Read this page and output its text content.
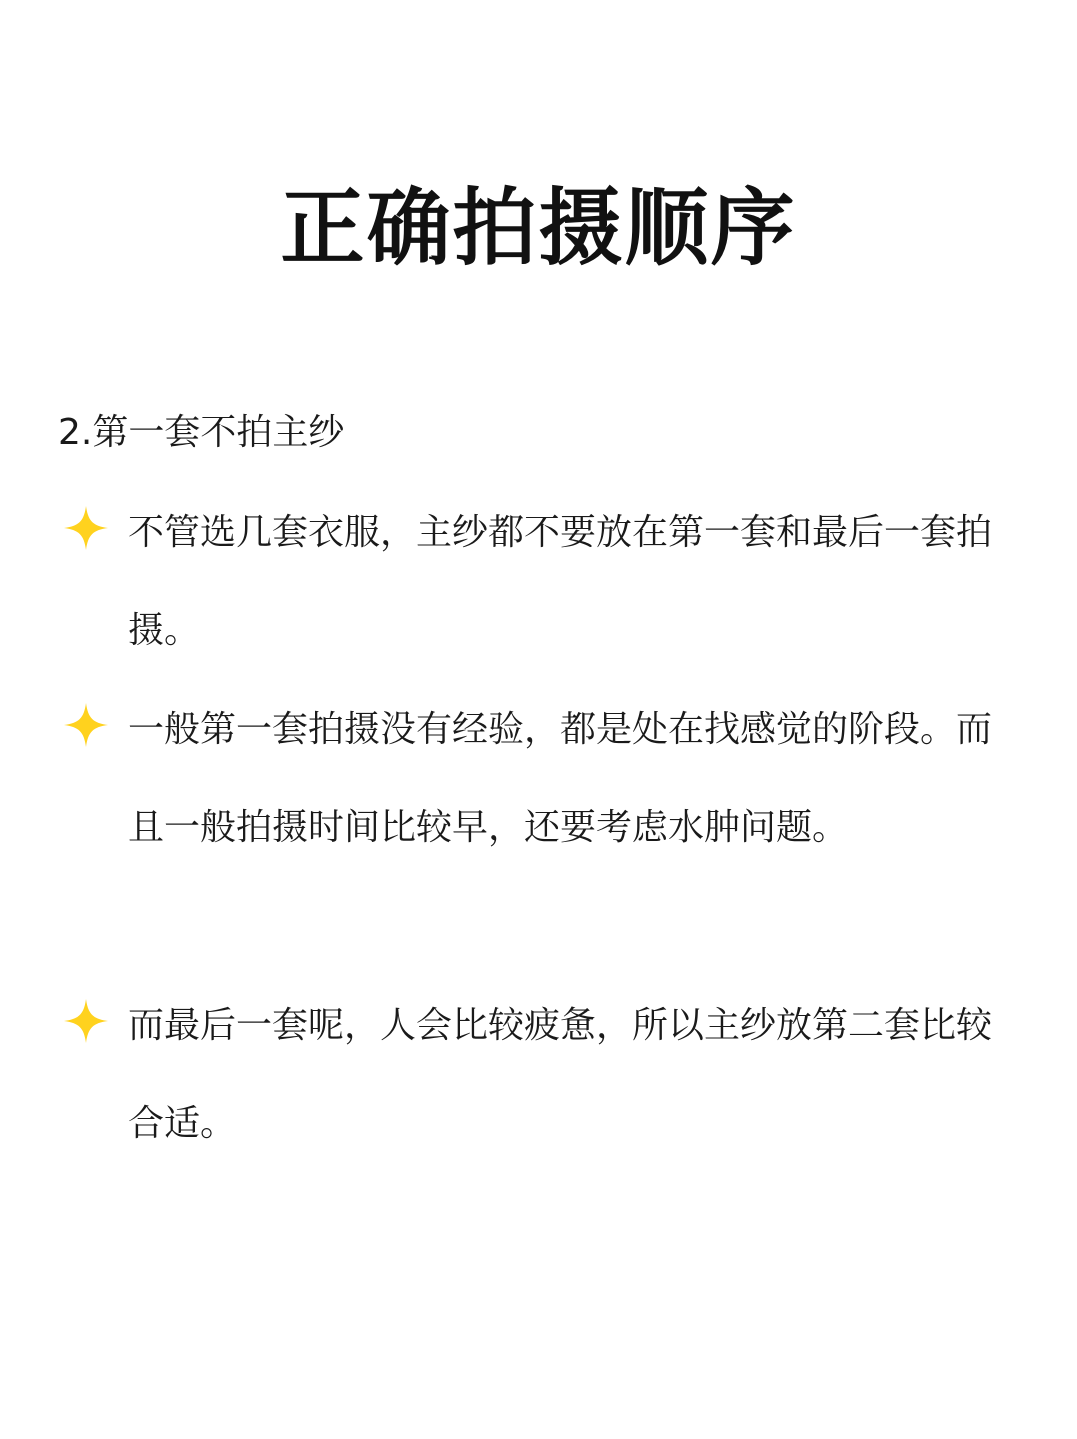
正确拍摄顺序

2.第一套不拍主纱

不管选几套衣服，主纱都不要放在第一套和最后一套拍摄。

一般第一套拍摄没有经验，都是处在找感觉的阶段。而且一般拍摄时间比较早，还要考虑水肿问题。

而最后一套呢，人会比较疲惫，所以主纱放第二套比较合适。
